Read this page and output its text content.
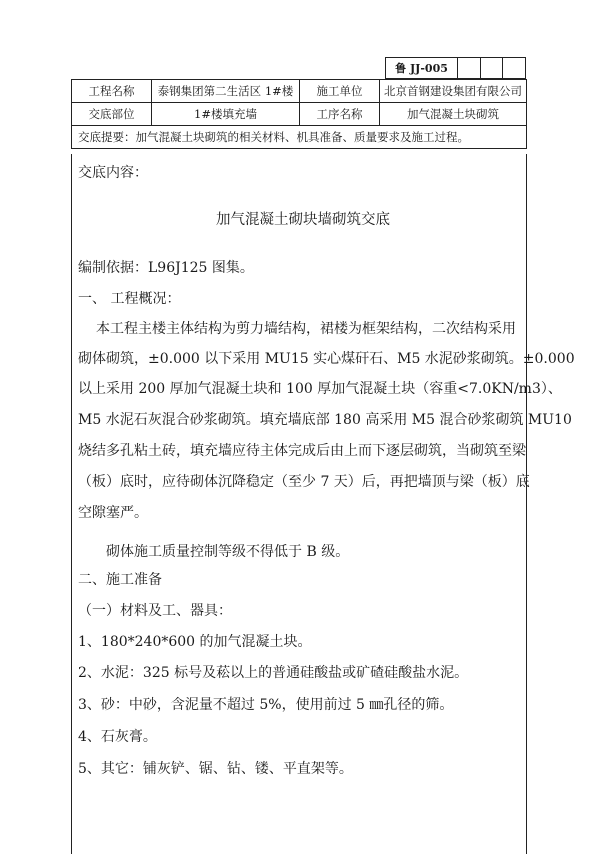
鲁 JJ-005
工程名称	泰钢集团第二生活区 1#楼	施工单位	北京首钢建设集团有限公司
交底部位	1#楼填充墙	工序名称	加气混凝土块砌筑
交底提要：加气混凝土块砌筑的相关材料、机具准备、质量要求及施工过程。			
交底内容：
加气混凝土砌块墙砌筑交底
编制依据：L96J125 图集。
一、 工程概况：
本工程主楼主体结构为剪力墙结构，裙楼为框架结构，二次结构采用
砌体砌筑，±0.000 以下采用 MU15 实心煤矸石、M5 水泥砂浆砌筑。±0.000
以上采用 200 厚加气混凝土块和 100 厚加气混凝土块（容重<7.0KN/m3）、
M5 水泥石灰混合砂浆砌筑。填充墙底部 180 高采用 M5 混合砂浆砌筑 MU10
烧结多孔粘土砖，填充墙应待主体完成后由上而下逐层砌筑，当砌筑至梁
（板）底时，应待砌体沉降稳定（至少 7 天）后，再把墙顶与梁（板）底
空隙塞严。
砌体施工质量控制等级不得低于 B 级。
二、施工准备
（一）材料及工、器具：
1、180*240*600 的加气混凝土块。
2、水泥：325 标号及菘以上的普通硅酸盐或矿碴硅酸盐水泥。
3、砂：中砂，含泥量不超过 5%，使用前过 5 ㎜孔径的筛。
4、石灰膏。
5、其它：铺灰铲、锯、钻、镂、平直架等。
